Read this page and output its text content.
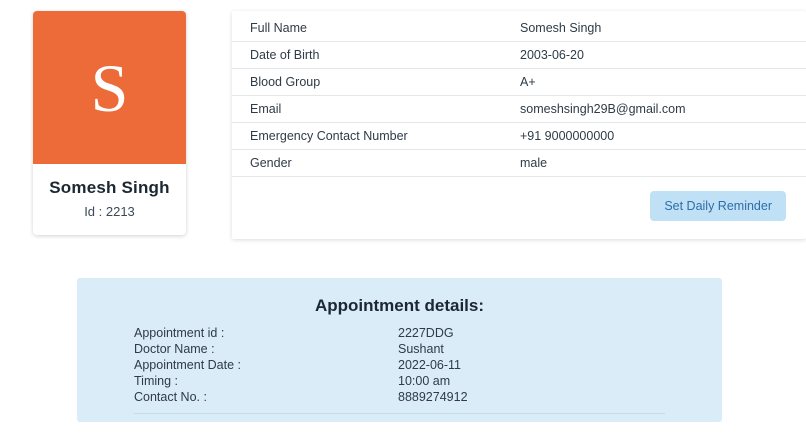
S
Somesh Singh
Id : 2213
Full Name	Somesh Singh
Date of Birth	2003-06-20
Blood Group	A+
Email	someshsingh29B@gmail.com
Emergency Contact Number	+91 9000000000
Gender	male
Set Daily Reminder
Appointment details:
Appointment id :	2227DDG
Doctor Name :	Sushant
Appointment Date :	2022-06-11
Timing :	10:00 am
Contact No. :	8889274912
